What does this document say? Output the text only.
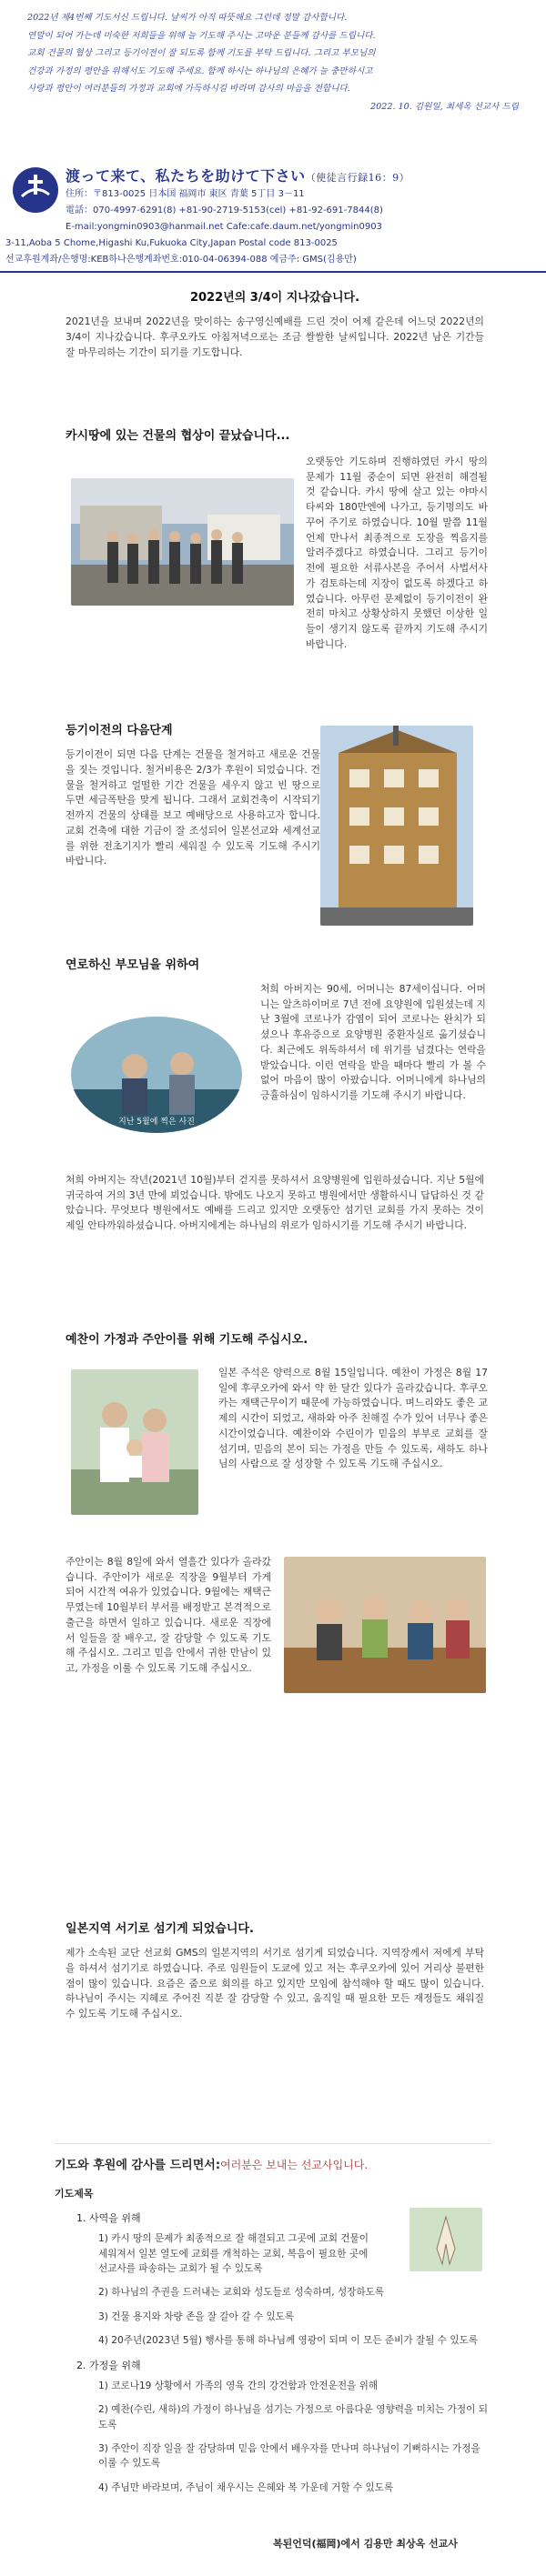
2022년 제4번째 기도서신 드립니다. 날씨가 아직 따뜻해요 그런데 정말 감사합니다.

연말이 되어 가는데 미숙한 저희들을 위해 늘 기도해 주시는 고마운 분들께 감사를 드립니다.

교회 건물의 협상 그리고 등기이전이 잘 되도록 함께 기도를 부탁 드립니다. 그리고 부모님의

건강과 가정의 평안을 위해서도 기도해 주세요. 함께 하시는 하나님의 은혜가 늘 충만하시고

사랑과 평안이 여러분들의 가정과 교회에 가득하시길 바라며 감사의 마음을 전합니다.

2022. 10. 김원일, 최세옥 선교사 드림

渡って来て、私たちを助けて下さい（使徒言行録16：9）
住所：〒813-0025 日本国 福岡市 東区 青葉 5丁目 3－11
電話：070-4997-6291(8) +81-90-2719-5153(cel) +81-92-691-7844(8)
E-mail:yongmin0903@hanmail.net Cafe:cafe.daum.net/yongmin0903
3-11,Aoba 5 Chome,Higashi Ku,Fukuoka City,Japan Postal code 813-0025
선교후원계좌/은행명:KEB하나은행계좌번호:010-04-06394-088 예금주: GMS(김용만)
2022년의 3/4이 지나갔습니다.

2021년을 보내며 2022년을 맞이하는 송구영신예배를 드린 것이 어제 같은데 어느덧 2022년의 3/4이 지나갔습니다. 후쿠오카도 아침저녁으로는 조금 쌀쌀한 날씨입니다. 2022년 남은 기간들 잘 마무리하는 기간이 되기를 기도합니다.

카시땅에 있는 건물의 협상이 끝났습니다...
오랫동안 기도하며 진행하였던 카시 땅의 문제가 11월 중순이 되면 완전히 해결될 것 같습니다. 카시 땅에 살고 있는 야마시타씨와 180만엔에 나가고, 등기명의도 바꾸어 주기로 하였습니다. 10월 말쯤 11월 언제 만나서 최종적으로 도장을 찍음지를 알려주겠다고 하였습니다. 그리고 등기이전에 필요한 서류사본을 주어서 사법서사가 검토하는데 지장이 없도록 하겠다고 하였습니다. 아무런 문제없이 등기이전이 완전히 마치고 상황상하지 못했던 이상한 일들이 생기지 않도록 끝까지 기도해 주시기 바랍니다.
등기이전의 다음단계

등기이전이 되면 다음 단계는 건물을 철거하고 새로운 건물을 짓는 것입니다. 철거비용은 2/3가 후원이 되었습니다. 건물을 철거하고 얼떨한 기간 건물을 세우지 않고 빈 땅으로 두면 세금폭탄을 맞게 됩니다. 그래서 교회건축이 시작되기 전까지 건물의 상태를 보고 예배당으로 사용하고자 합니다. 교회 건축에 대한 기금이 잘 조성되어 일본선교와 세계선교를 위한 전초기지가 빨리 세워질 수 있도록 기도해 주시기 바랍니다.

연로하신 부모님을 위하여
지난 5월에 찍은 사진
처희 아버지는 90세, 어머니는 87세이십니다. 어머니는 알츠하이머로 7년 전에 요양원에 입원셨는데 지난 3월에 코로나가 감염이 되어 코로나는 완치가 되셨으나 후유증으로 요양병원 중환자실로 옮기셨습니다. 최근에도 위독하셔서 데 위기를 넘겼다는 연락을 받았습니다. 이런 연락을 받을 때마다 빨리 가 볼 수 없어 마음이 많이 아팠습니다. 어머니에게 하나님의 긍휼하심이 임하시기를 기도해 주시기 바랍니다.
처희 아버지는 작년(2021년 10월)부터 걷지를 못하셔서 요양병원에 입원하셨습니다. 지난 5월에 귀국하여 거의 3년 만에 뵈었습니다. 밖에도 나오지 못하고 병원에서만 생활하시니 답답하신 것 같았습니다. 무엇보다 병원에서도 예배를 드리고 있지만 오랫동안 섬기던 교회를 가지 못하는 것이 제일 안타까워하셨습니다. 아버지에게는 하나님의 위로가 임하시기를 기도해 주시기 바랍니다.
예찬이 가정과 주안이를 위해 기도해 주십시오.
일본 주석은 양력으로 8월 15일입니다. 예찬이 가정은 8월 17일에 후쿠오카에 와서 약 한 달간 있다가 올라갔습니다. 후쿠오카는 재택근무이기 때문에 가능하였습니다. 며느리와도 좋은 교제의 시간이 되었고, 새하와 아주 친해질 수가 있어 너무나 좋은 시간이었습니다. 예찬이와 수린이가 믿음의 부부로 교회를 잘 섬기며, 믿음의 본이 되는 가정을 만들 수 있도록, 새하도 하나님의 사람으로 잘 성장할 수 있도록 기도해 주십시오.
주안이는 8월 8일에 와서 열흘간 있다가 올라갔습니다. 주안이가 새로운 직장을 9월부터 가게 되어 시간적 여유가 있었습니다. 9월에는 재택근무였는데 10월부터 부서를 배정받고 본격적으로 출근을 하면서 일하고 있습니다. 새로운 직장에서 일들을 잘 배우고, 잘 감당할 수 있도록 기도해 주십시오. 그리고 믿음 안에서 귀한 만남이 있고, 가정을 이룰 수 있도록 기도해 주십시오.
일본지역 서기로 섬기게 되었습니다.

제가 소속된 교단 선교회 GMS의 일본지역의 서기로 섬기게 되었습니다. 지역장께서 저에게 부탁을 하셔서 섬기기로 하였습니다. 주로 임원들이 도쿄에 있고 저는 후쿠오카에 있어 거리상 불편한 점이 많이 있습니다. 요즘은 줌으로 회의를 하고 있지만 모임에 참석해야 할 때도 많이 있습니다. 하나님이 주시는 지혜로 주어진 직분 잘 감당할 수 있고, 움직일 때 필요한 모든 재정들도 채워질 수 있도록 기도해 주십시오.

기도와 후원에 감사를 드리면서:여러분은 보내는 선교사입니다.
기도제목
1. 사역을 위해
1) 카시 땅의 문제가 최종적으로 잘 해결되고 그곳에 교회 건물이 세워져서 일본 열도에 교회를 개척하는 교회, 복음이 필요한 곳에 선교사를 파송하는 교회가 될 수 있도록
2) 하나님의 주권을 드러내는 교회와 성도들로 성숙하며, 성장하도록
3) 건물 용지와 차량 존을 잘 갈아 갈 수 있도록
4) 20주년(2023년 5월) 행사를 통해 하나님께 영광이 되며 이 모든 준비가 잘될 수 있도록
2. 가정을 위해
1) 코로나19 상황에서 가족의 영육 간의 강건함과 안전운전을 위해
2) 예찬(수린, 새하)의 가정이 하나님을 섬기는 가정으로 아름다운 영향력을 미치는 가정이 되도록
3) 주안이 직장 일을 잘 감당하며 믿음 안에서 배우자를 만나며 하나님이 기뻐하시는 가정을 이룰 수 있도록
4) 주님만 바라보며, 주님이 채우시는 은혜와 복 가운데 거할 수 있도록
복된언덕(福岡)에서 김용만 최상옥 선교사
